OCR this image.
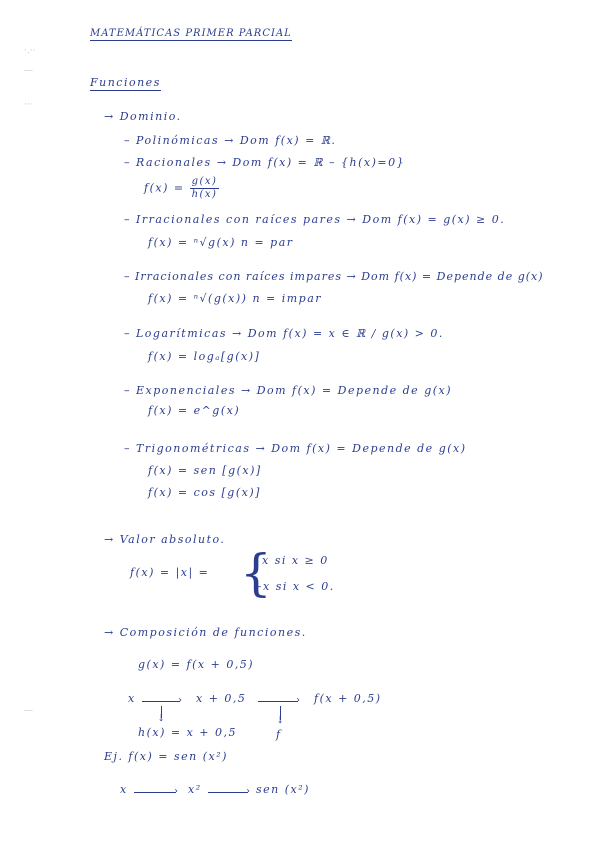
·.··
—
···
—
MATEMÁTICAS PRIMER PARCIAL
Funciones
→ Dominio.
– Polinómicas → Dom f(x) = ℝ.
– Racionales → Dom f(x) = ℝ – {h(x)=0}
$f(x) = \frac{g(x)}{h(x)}$
– Irracionales con raíces pares → Dom f(x) = g(x) ≥ 0.
f(x) = ⁿ√g(x) n = par
– Irracionales con raíces impares → Dom f(x) = Depende de g(x)
f(x) = ⁿ√(g(x)) n = impar
– Logarítmicas → Dom f(x) = x ∈ ℝ / g(x) > 0.
f(x) = logₐ[g(x)]
– Exponenciales → Dom f(x) = Depende de g(x)
f(x) = e^g(x)
– Trigonométricas → Dom f(x) = Depende de g(x)
f(x) = sen [g(x)]
f(x) = cos [g(x)]
→ Valor absoluto.
f(x) = |x| = {
x si x ≥ 0
–x si x < 0.
→ Composición de funciones.
g(x) = f(x + 0,5)
x	› x + 0,5	› f(x + 0,5)
↓	↓
h(x) = x + 0,5	f
Ej. f(x) = sen (x²)
x	› x²	› sen (x²)
